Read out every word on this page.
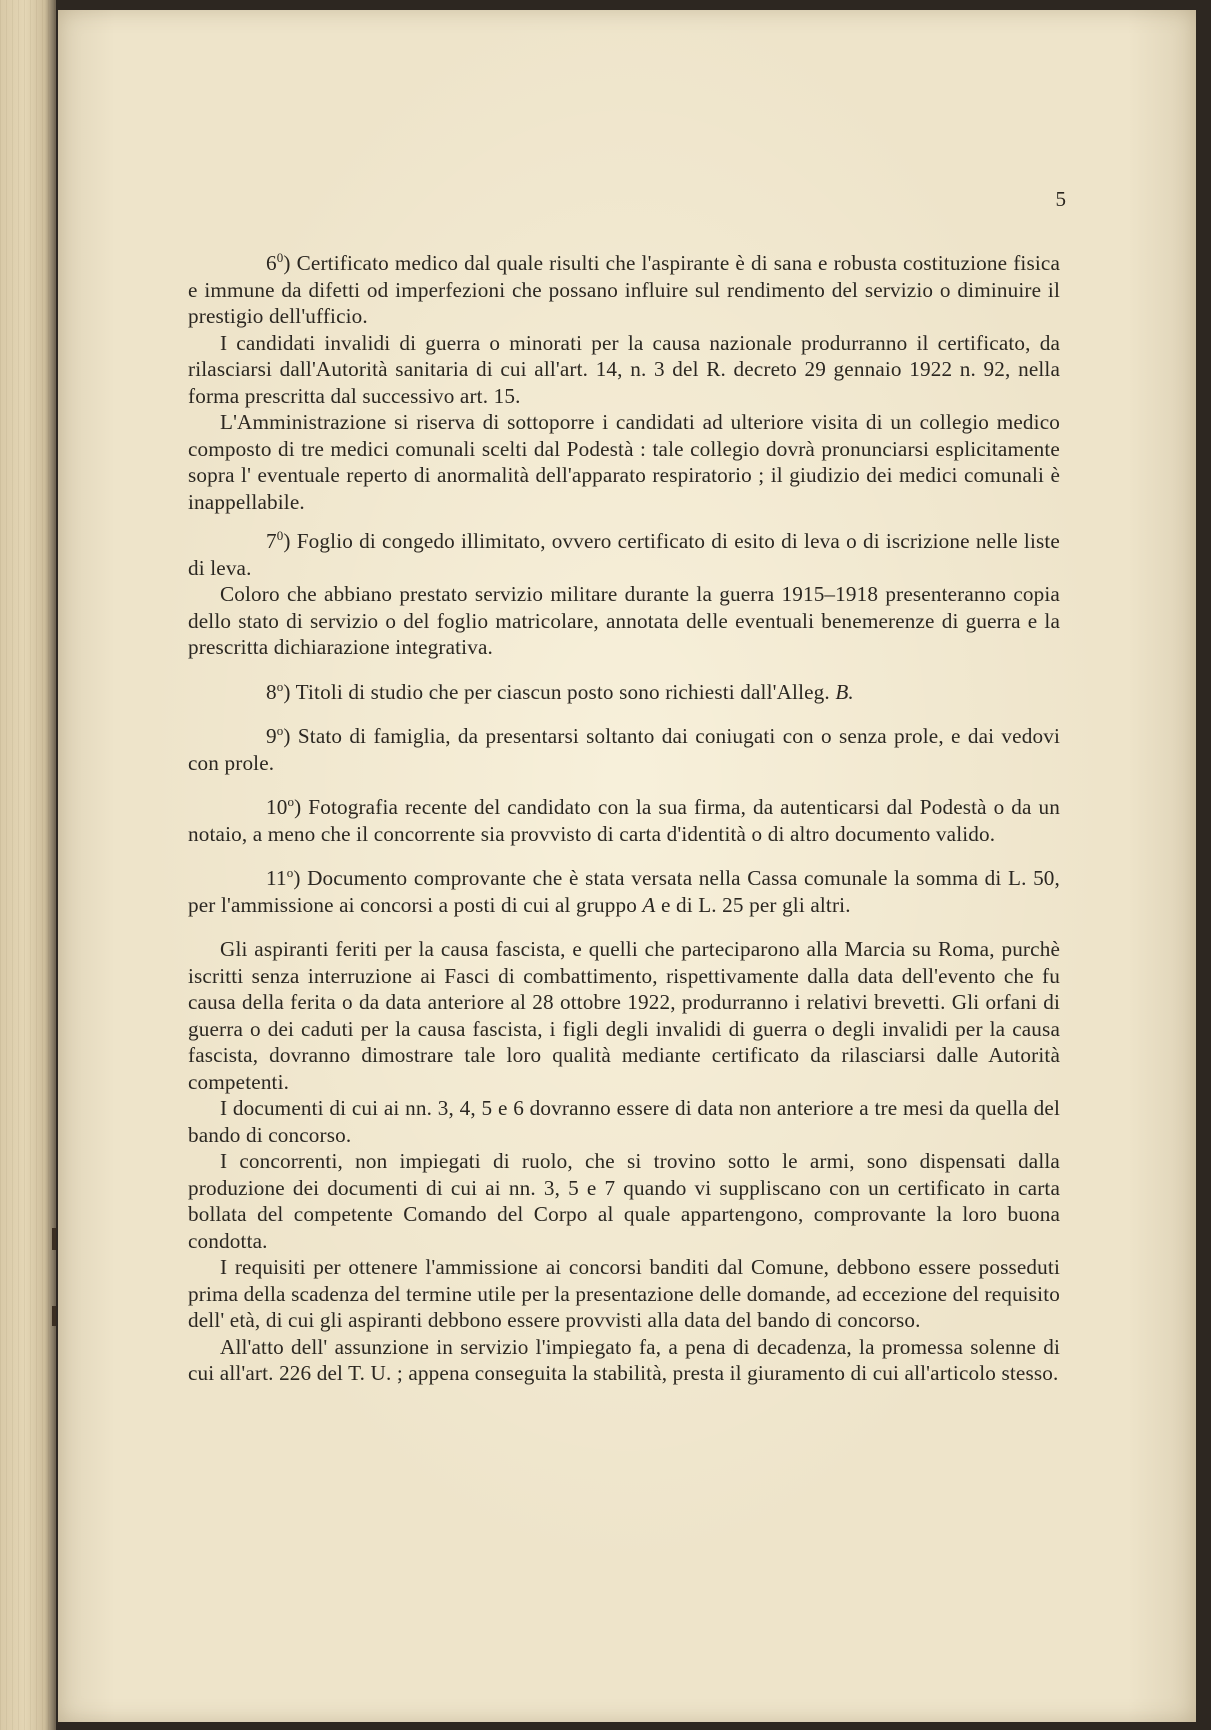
5

$6^0$) Certificato medico dal quale risulti che l'aspirante è di sana e robusta costituzione fisica e immune da difetti od imperfezioni che possano influire sul rendimento del servizio o diminuire il prestigio dell'ufficio.

I candidati invalidi di guerra o minorati per la causa nazionale produrranno il certificato, da rilasciarsi dall'Autorità sanitaria di cui all'art. 14, n. 3 del R. decreto 29 gennaio 1922 n. 92, nella forma prescritta dal successivo art. 15.

L'Amministrazione si riserva di sottoporre i candidati ad ulteriore visita di un collegio medico composto di tre medici comunali scelti dal Podestà : tale collegio dovrà pronunciarsi esplicitamente sopra l' eventuale reperto di anormalità dell'apparato respiratorio ; il giudizio dei medici comunali è inappellabile.

$7^0$) Foglio di congedo illimitato, ovvero certificato di esito di leva o di iscrizione nelle liste di leva.

Coloro che abbiano prestato servizio militare durante la guerra 1915–1918 presenteranno copia dello stato di servizio o del foglio matricolare, annotata delle eventuali benemerenze di guerra e la prescritta dichiarazione integrativa.

8$^o$) Titoli di studio che per ciascun posto sono richiesti dall'Alleg. B.

9$^o$) Stato di famiglia, da presentarsi soltanto dai coniugati con o senza prole, e dai vedovi con prole.

10$^o$) Fotografia recente del candidato con la sua firma, da autenticarsi dal Podestà o da un notaio, a meno che il concorrente sia provvisto di carta d'identità o di altro documento valido.

11$^o$) Documento comprovante che è stata versata nella Cassa comunale la somma di L. 50, per l'ammissione ai concorsi a posti di cui al gruppo A e di L. 25 per gli altri.

Gli aspiranti feriti per la causa fascista, e quelli che parteciparono alla Marcia su Roma, purchè iscritti senza interruzione ai Fasci di combattimento, rispettivamente dalla data dell'evento che fu causa della ferita o da data anteriore al 28 ottobre 1922, produrranno i relativi brevetti. Gli orfani di guerra o dei caduti per la causa fascista, i figli degli invalidi di guerra o degli invalidi per la causa fascista, dovranno dimostrare tale loro qualità mediante certificato da rilasciarsi dalle Autorità competenti.

I documenti di cui ai nn. 3, 4, 5 e 6 dovranno essere di data non anteriore a tre mesi da quella del bando di concorso.

I concorrenti, non impiegati di ruolo, che si trovino sotto le armi, sono dispensati dalla produzione dei documenti di cui ai nn. 3, 5 e 7 quando vi suppliscano con un certificato in carta bollata del competente Comando del Corpo al quale appartengono, comprovante la loro buona condotta.

I requisiti per ottenere l'ammissione ai concorsi banditi dal Comune, debbono essere posseduti prima della scadenza del termine utile per la presentazione delle domande, ad eccezione del requisito dell' età, di cui gli aspiranti debbono essere provvisti alla data del bando di concorso.

All'atto dell' assunzione in servizio l'impiegato fa, a pena di decadenza, la promessa solenne di cui all'art. 226 del T. U. ; appena conseguita la stabilità, presta il giuramento di cui all'articolo stesso.
